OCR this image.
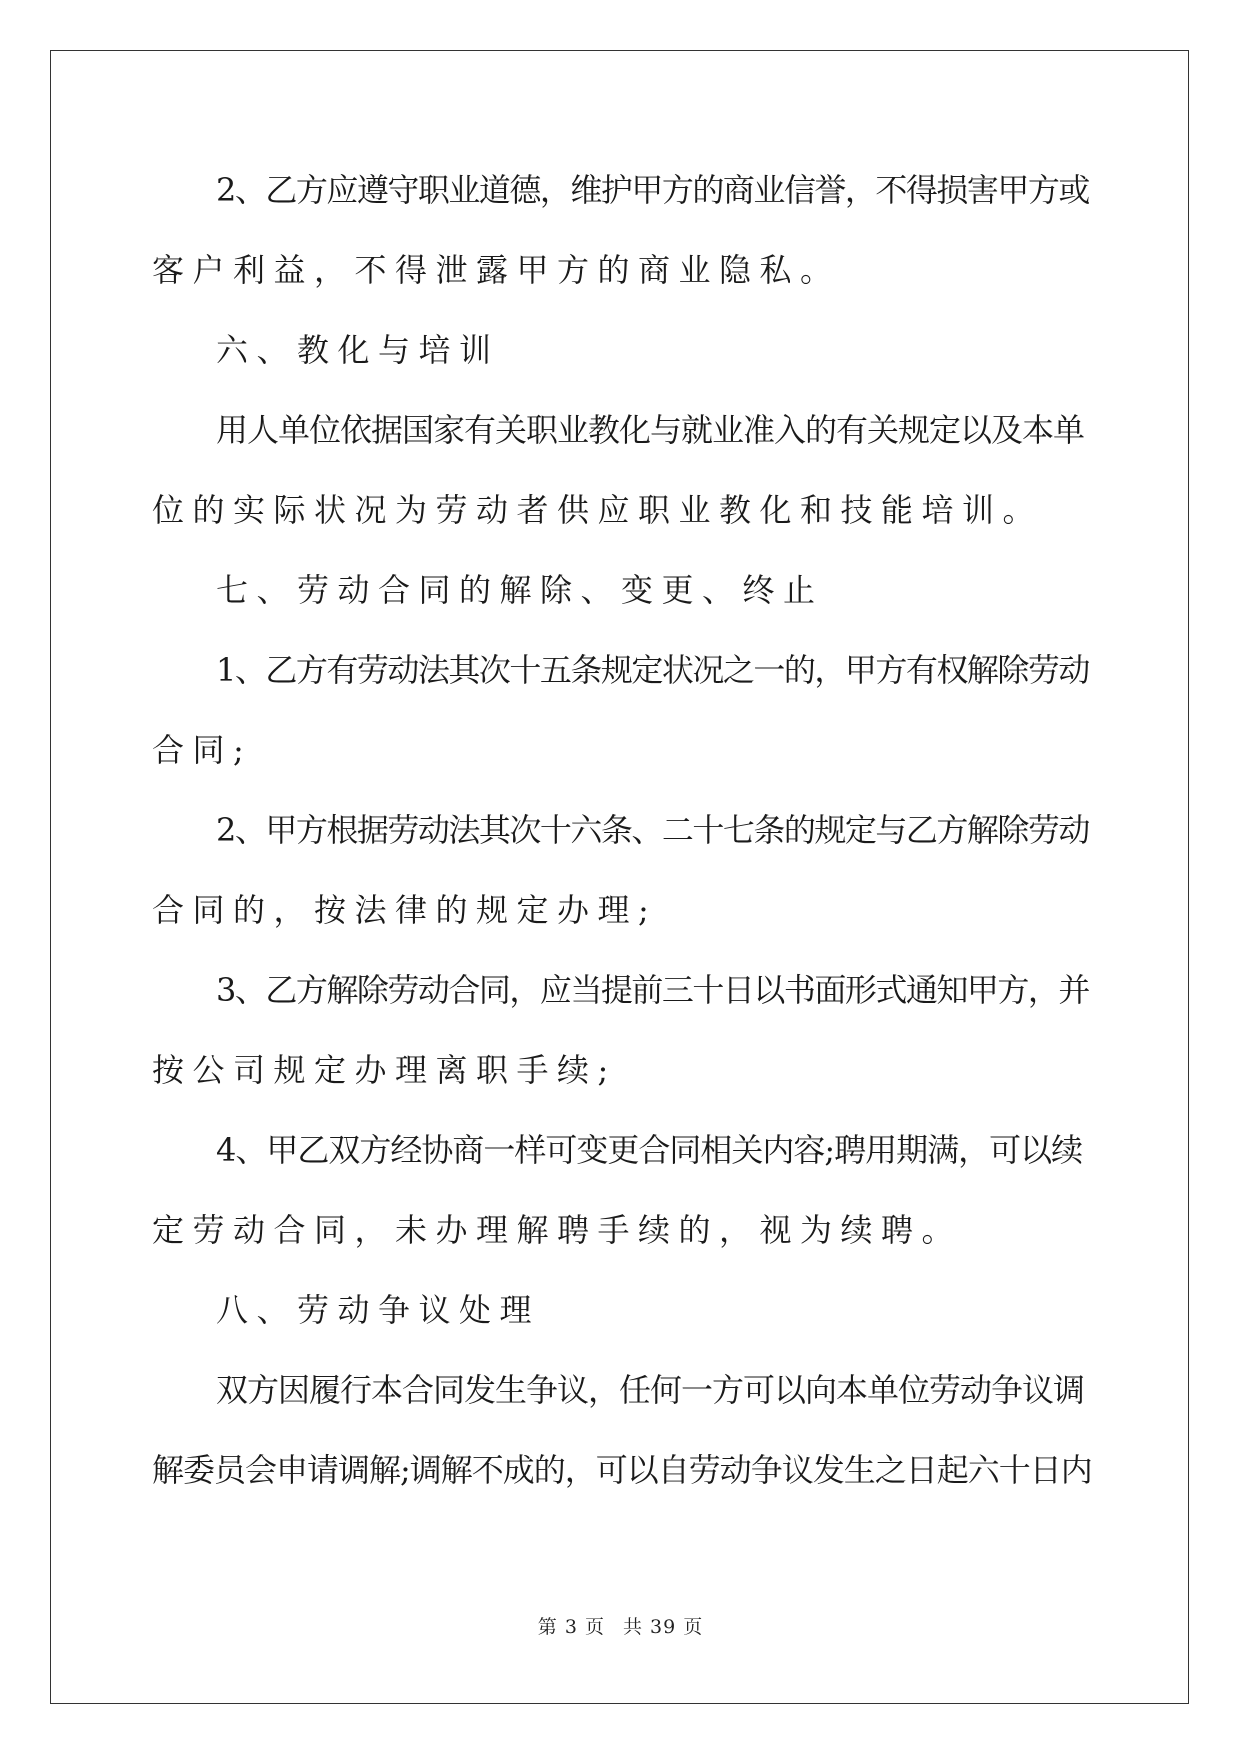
2、乙方应遵守职业道德，维护甲方的商业信誉，不得损害甲方或
客户利益，不得泄露甲方的商业隐私。
六、教化与培训
用人单位依据国家有关职业教化与就业准入的有关规定以及本单
位的实际状况为劳动者供应职业教化和技能培训。
七、劳动合同的解除、变更、终止
1、乙方有劳动法其次十五条规定状况之一的，甲方有权解除劳动
合同;
2、甲方根据劳动法其次十六条、二十七条的规定与乙方解除劳动
合同的，按法律的规定办理;
3、乙方解除劳动合同，应当提前三十日以书面形式通知甲方，并
按公司规定办理离职手续;
4、甲乙双方经协商一样可变更合同相关内容;聘用期满，可以续
定劳动合同，未办理解聘手续的，视为续聘。
八、劳动争议处理
双方因履行本合同发生争议，任何一方可以向本单位劳动争议调
解委员会申请调解;调解不成的，可以自劳动争议发生之日起六十日内
第 3 页 共 39 页
